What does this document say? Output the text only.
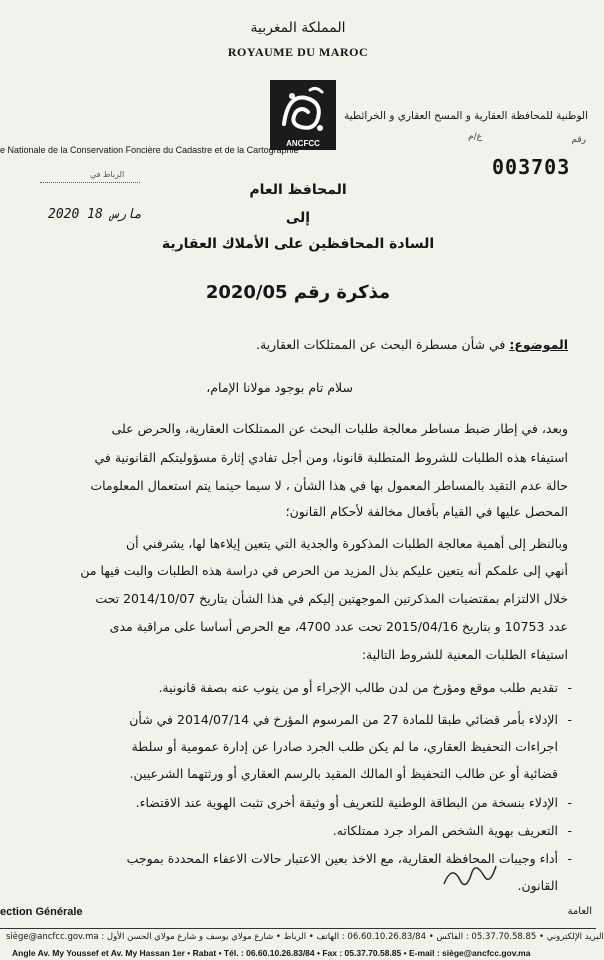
المملكة المغربية
ROYAUME DU MAROC
ANCFCC
الوطنية للمحافظة العقارية و المسح العقاري و الخرائطية
e Nationale de la Conservation Foncière du Cadastre et de la Cartographie
رقم
ع/م
003703
الرباط في
2020 مارس 18
المحافظ العام
إلى
السادة المحافظين على الأملاك العقارية
مذكرة رقم 2020/05
الموضوع: في شأن مسطرة البحث عن الممتلكات العقارية.
سلام تام بوجود مولانا الإمام،
وبعد، في إطار ضبط مساطر معالجة طلبات البحث عن الممتلكات العقارية، والحرص على
استيفاء هذه الطلبات للشروط المتطلبة قانونا، ومن أجل تفادي إثارة مسؤوليتكم القانونية في
حالة عدم التقيد بالمساطر المعمول بها في هذا الشأن ، لا سيما حينما يتم استعمال المعلومات
المحصل عليها في القيام بأفعال مخالفة لأحكام القانون؛
وبالنظر إلى أهمية معالجة الطلبات المذكورة والجدية التي يتعين إيلاءها لها، يشرفني أن
أنهي إلى علمكم أنه يتعين عليكم بذل المزيد من الحرص في دراسة هذه الطلبات والبت فيها من
خلال الالتزام بمقتضيات المذكرتين الموجهتين إليكم في هذا الشأن بتاريخ 2014/10/07 تحت
عدد 10753 و بتاريخ 2015/04/16 تحت عدد 4700، مع الحرص أساسا على مراقبة مدى
استيفاء الطلبات المعنية للشروط التالية:
-
تقديم طلب موقع ومؤرخ من لدن طالب الإجراء أو من ينوب عنه بصفة قانونية.
-
الإدلاء بأمر قضائي طبقا للمادة 27 من المرسوم المؤرخ في 2014/07/14 في شأن
اجراءات التحفيظ العقاري، ما لم يكن طلب الجرد صادرا عن إدارة عمومية أو سلطة
قضائية أو عن طالب التحفيظ أو المالك المقيد بالرسم العقاري أو ورثتهما الشرعيين.
-
الإدلاء بنسخة من البطاقة الوطنية للتعريف أو وثيقة أخرى تثبت الهوية عند الاقتضاء.
-
التعريف بهوية الشخص المراد جرد ممتلكاته.
-
أداء وجيبات المحافظة العقارية، مع الاخذ بعين الاعتبار حالات الاعفاء المحددة بموجب
القانون.
ection Générale	العامة
siège@ancfcc.gov.ma : البريد الإلكتروني • 05.37.70.58.85 : الفاكس • 06.60.10.26.83/84 : الهاتف • الرباط • شارع مولاي يوسف و شارع مولاي الحسن الأول
Angle Av. My Youssef et Av. My Hassan 1er • Rabat • Tél. : 06.60.10.26.83/84 • Fax : 05.37.70.58.85 • E-mail : siège@ancfcc.gov.ma
